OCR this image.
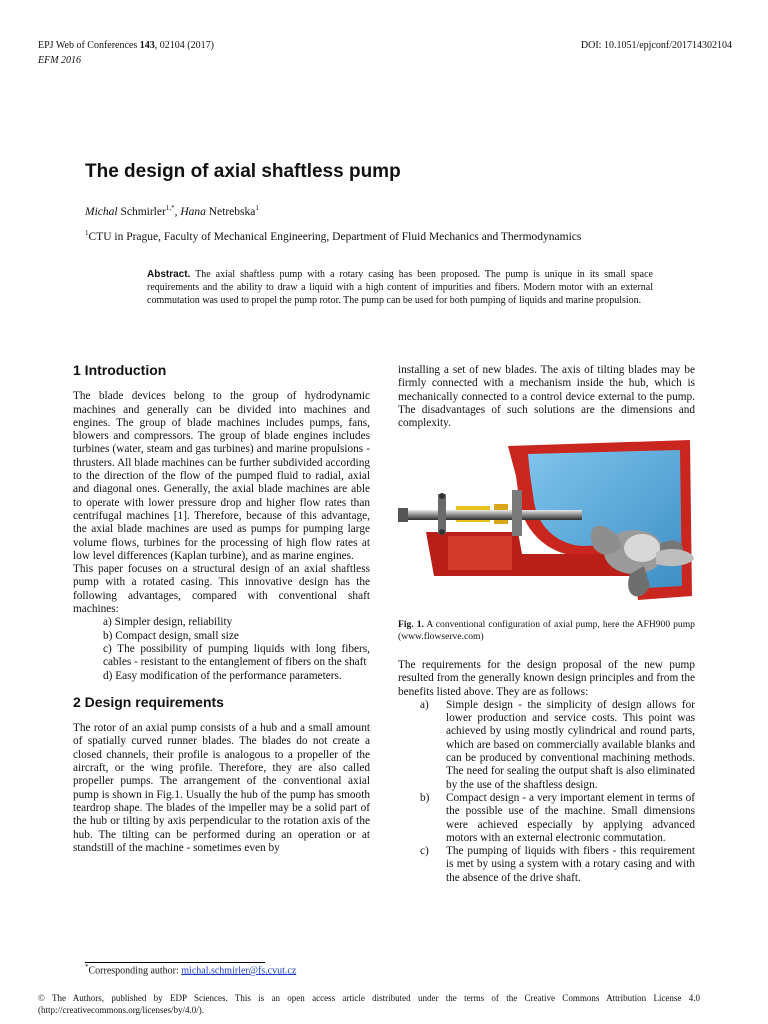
EPJ Web of Conferences 143, 02104 (2017)	DOI: 10.1051/epjconf/201714302104
EFM 2016
The design of axial shaftless pump
Michal Schmirler$^{1,*}$, Hana Netrebska$^1$
$^1$CTU in Prague, Faculty of Mechanical Engineering, Department of Fluid Mechanics and Thermodynamics
Abstract. The axial shaftless pump with a rotary casing has been proposed. The pump is unique in its small space requirements and the ability to draw a liquid with a high content of impurities and fibers. Modern motor with an external commutation was used to propel the pump rotor. The pump can be used for both pumping of liquids and marine propulsion.
1 Introduction

The blade devices belong to the group of hydrodynamic machines and generally can be divided into machines and engines. The group of blade machines includes pumps, fans, blowers and compressors. The group of blade engines includes turbines (water, steam and gas turbines) and marine propulsions - thrusters. All blade machines can be further subdivided according to the direction of the flow of the pumped fluid to radial, axial and diagonal ones. Generally, the axial blade machines are able to operate with lower pressure drop and higher flow rates than centrifugal machines [1]. Therefore, because of this advantage, the axial blade machines are used as pumps for pumping large volume flows, turbines for the processing of high flow rates at low level differences (Kaplan turbine), and as marine engines.

This paper focuses on a structural design of an axial shaftless pump with a rotated casing. This innovative design has the following advantages, compared with conventional shaft machines:

a) Simpler design, reliability
b) Compact design, small size
c) The possibility of pumping liquids with long fibers, cables - resistant to the entanglement of fibers on the shaft
d) Easy modification of the performance parameters.
2 Design requirements

The rotor of an axial pump consists of a hub and a small amount of spatially curved runner blades. The blades do not create a closed channels, their profile is analogous to a propeller of the aircraft, or the wing profile. Therefore, they are also called propeller pumps. The arrangement of the conventional axial pump is shown in Fig.1. Usually the hub of the pump has smooth teardrop shape. The blades of the impeller may be a solid part of the hub or tilting by axis perpendicular to the rotation axis of the hub. The tilting can be performed during an operation or at standstill of the machine - sometimes even by

installing a set of new blades. The axis of tilting blades may be firmly connected with a mechanism inside the hub, which is mechanically connected to a control device external to the pump. The disadvantages of such solutions are the dimensions and complexity.

Fig. 1. A conventional configuration of axial pump, here the AFH900 pump (www.flowserve.com)

The requirements for the design proposal of the new pump resulted from the generally known design principles and from the benefits listed above. They are as follows:

a)	Simple design - the simplicity of design allows for lower production and service costs. This point was achieved by using mostly cylindrical and round parts, which are based on commercially available blanks and can be produced by conventional machining methods. The need for sealing the output shaft is also eliminated by the use of the shaftless design.
b)	Compact design - a very important element in terms of the possible use of the machine. Small dimensions were achieved especially by applying advanced motors with an external electronic commutation.
c)	The pumping of liquids with fibers - this requirement is met by using a system with a rotary casing and with the absence of the drive shaft.
*Corresponding author: michal.schmirler@fs.cvut.cz
© The Authors, published by EDP Sciences. This is an open access article distributed under the terms of the Creative Commons Attribution License 4.0 (http://creativecommons.org/licenses/by/4.0/).
